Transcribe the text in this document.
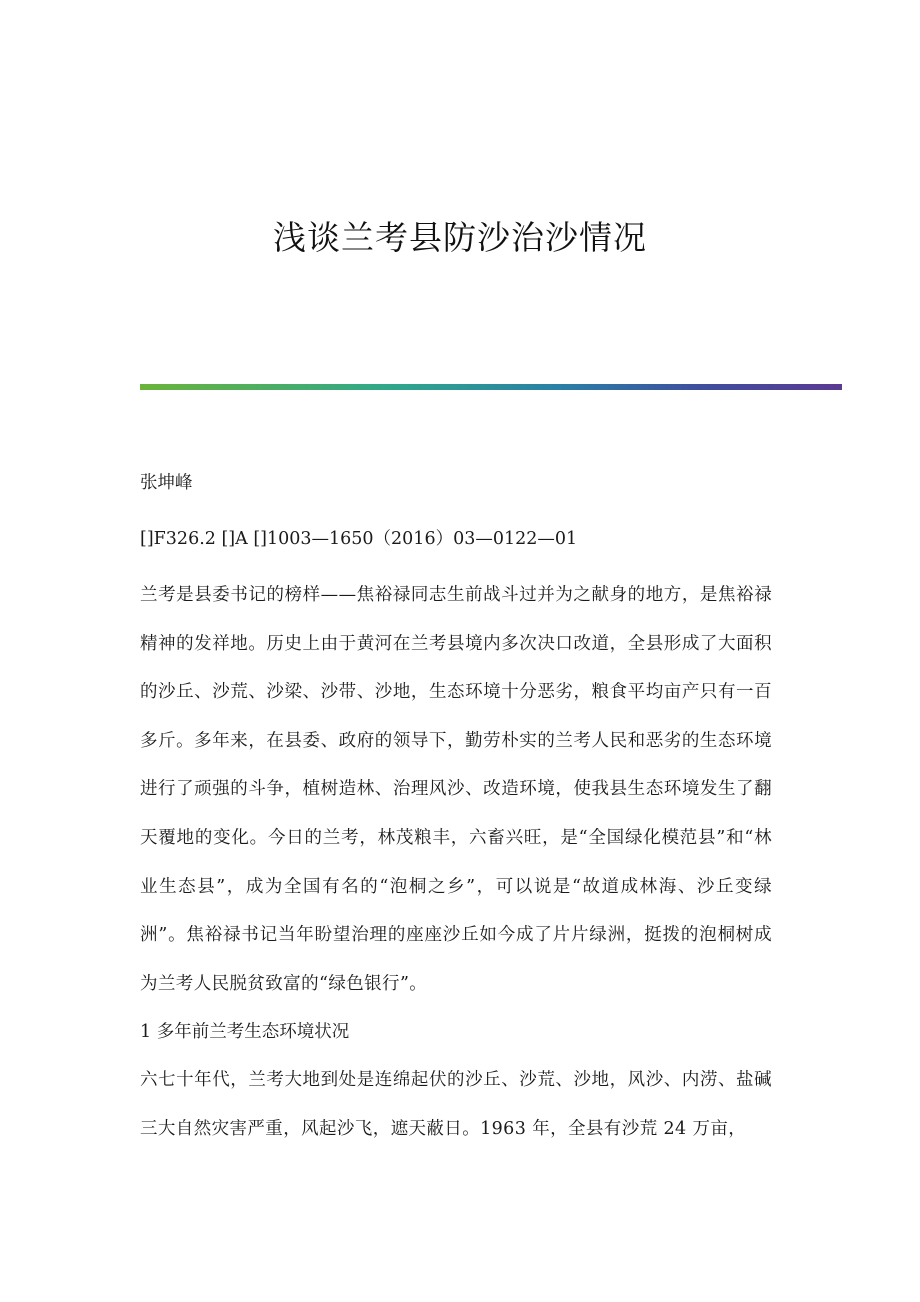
浅谈兰考县防沙治沙情况

张坤峰

[]F326.2 []A []1003—1650（2016）03—0122—01

兰考是县委书记的榜样——焦裕禄同志生前战斗过并为之献身的地方，是焦裕禄精神的发祥地。历史上由于黄河在兰考县境内多次决口改道，全县形成了大面积的沙丘、沙荒、沙梁、沙带、沙地，生态环境十分恶劣，粮食平均亩产只有一百多斤。多年来，在县委、政府的领导下，勤劳朴实的兰考人民和恶劣的生态环境进行了顽强的斗争，植树造林、治理风沙、改造环境，使我县生态环境发生了翻天覆地的变化。今日的兰考，林茂粮丰，六畜兴旺，是“全国绿化模范县”和“林业生态县”，成为全国有名的“泡桐之乡”，可以说是“故道成林海、沙丘变绿洲”。焦裕禄书记当年盼望治理的座座沙丘如今成了片片绿洲，挺拨的泡桐树成为兰考人民脱贫致富的“绿色银行”。

1 多年前兰考生态环境状况

六七十年代，兰考大地到处是连绵起伏的沙丘、沙荒、沙地，风沙、内涝、盐碱三大自然灾害严重，风起沙飞，遮天蔽日。1963 年，全县有沙荒 24 万亩，
